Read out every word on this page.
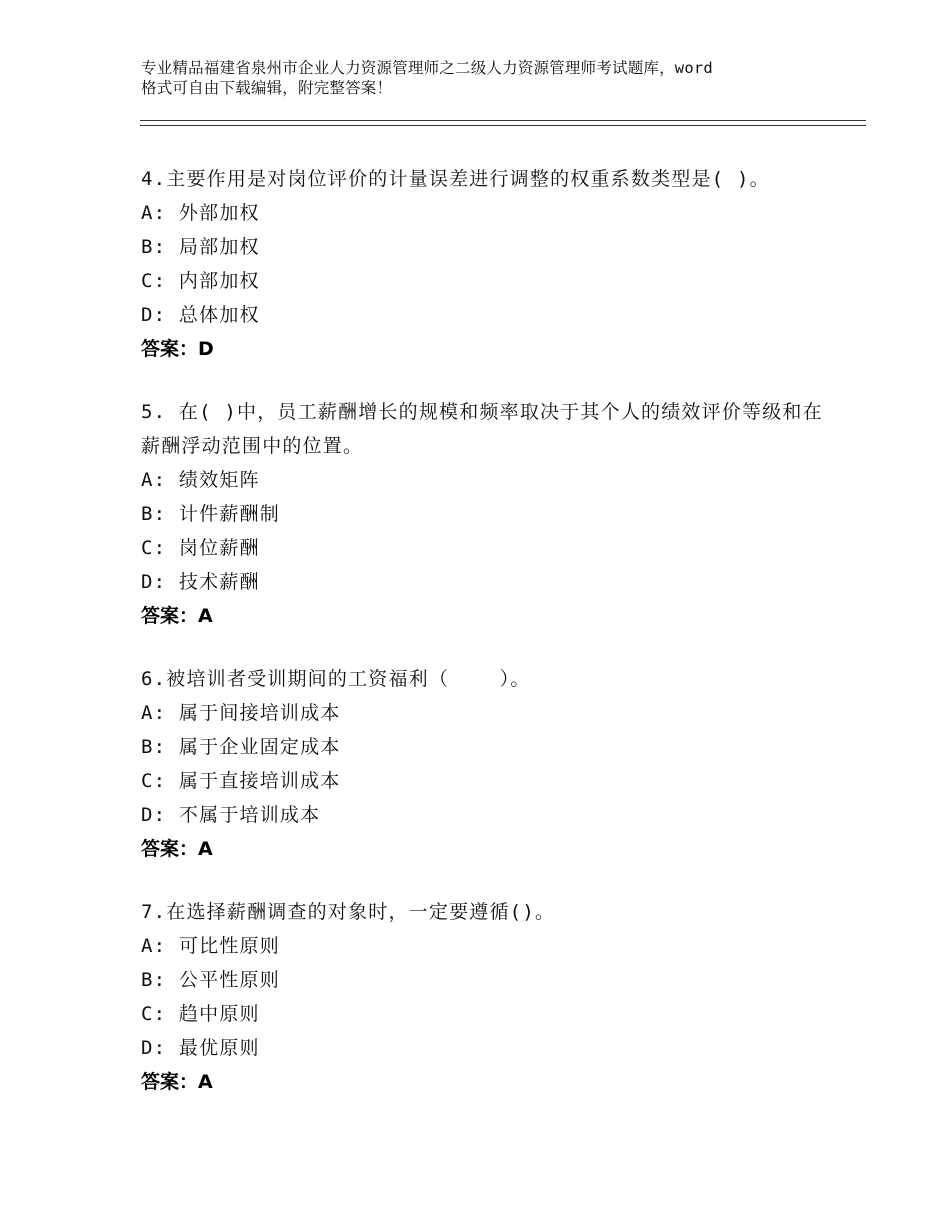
专业精品福建省泉州市企业人力资源管理师之二级人力资源管理师考试题库，word
格式可自由下载编辑，附完整答案！
4.主要作用是对岗位评价的计量误差进行调整的权重系数类型是( )。
A: 外部加权
B: 局部加权
C: 内部加权
D: 总体加权
答案：D
5. 在( )中，员工薪酬增长的规模和频率取决于其个人的绩效评价等级和在薪酬浮动范围中的位置。
A: 绩效矩阵
B: 计件薪酬制
C: 岗位薪酬
D: 技术薪酬
答案：A
6.被培训者受训期间的工资福利（    ）。
A: 属于间接培训成本
B: 属于企业固定成本
C: 属于直接培训成本
D: 不属于培训成本
答案：A
7.在选择薪酬调查的对象时，一定要遵循()。
A: 可比性原则
B: 公平性原则
C: 趋中原则
D: 最优原则
答案：A
